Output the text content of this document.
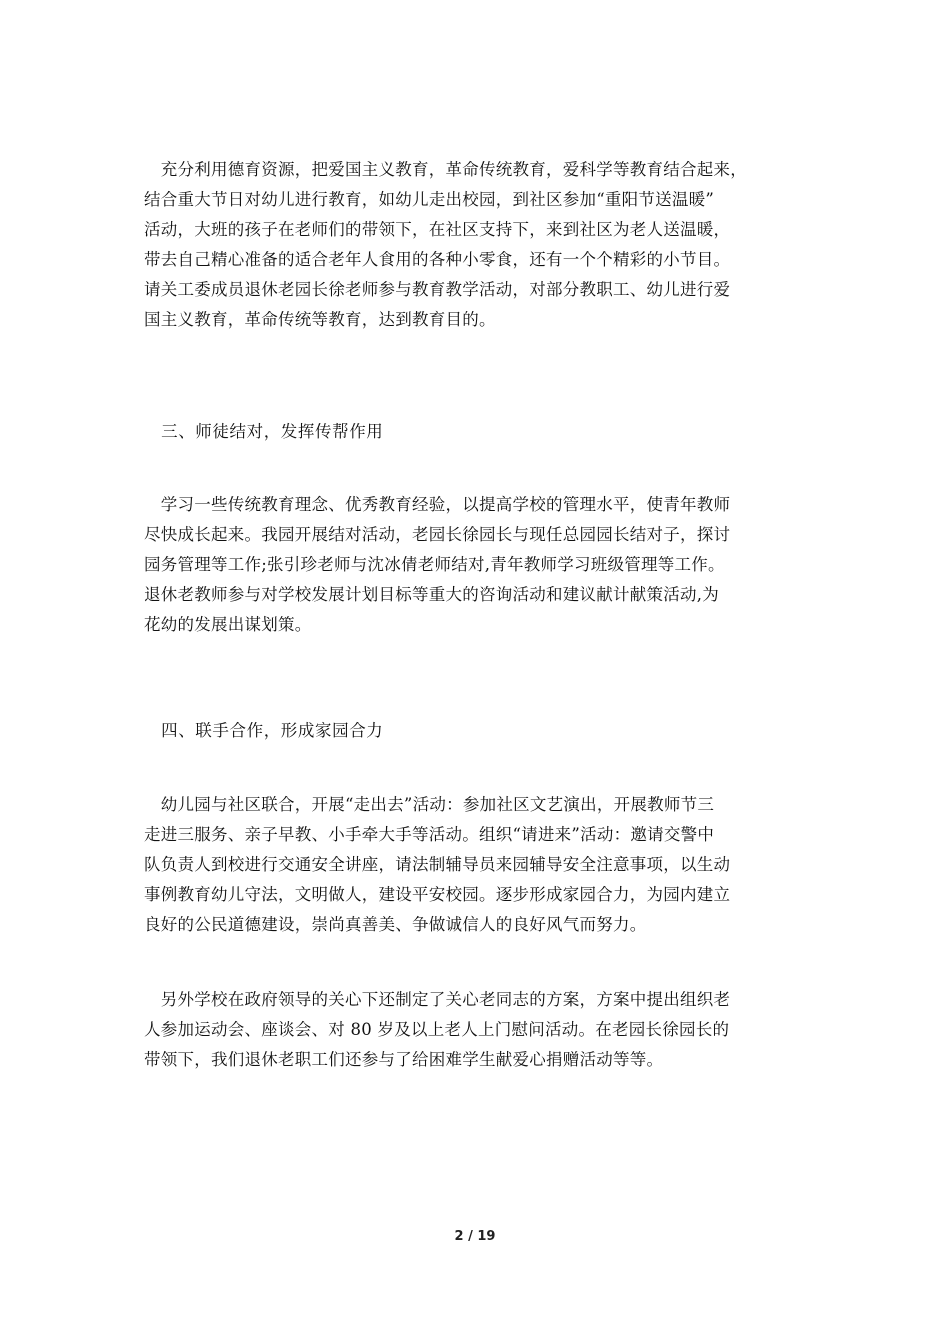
　充分利用德育资源，把爱国主义教育，革命传统教育，爱科学等教育结合起来，

结合重大节日对幼儿进行教育，如幼儿走出校园，到社区参加“重阳节送温暖”

活动，大班的孩子在老师们的带领下，在社区支持下，来到社区为老人送温暖，

带去自己精心准备的适合老年人食用的各种小零食，还有一个个精彩的小节目。

请关工委成员退休老园长徐老师参与教育教学活动，对部分教职工、幼儿进行爱

国主义教育，革命传统等教育，达到教育目的。

　三、师徒结对，发挥传帮作用

　学习一些传统教育理念、优秀教育经验，以提高学校的管理水平，使青年教师

尽快成长起来。我园开展结对活动，老园长徐园长与现任总园园长结对子，探讨

园务管理等工作;张引珍老师与沈冰倩老师结对,青年教师学习班级管理等工作。

退休老教师参与对学校发展计划目标等重大的咨询活动和建议献计献策活动,为

花幼的发展出谋划策。

　四、联手合作，形成家园合力

　幼儿园与社区联合，开展“走出去”活动：参加社区文艺演出，开展教师节三

走进三服务、亲子早教、小手牵大手等活动。组织“请进来”活动：邀请交警中

队负责人到校进行交通安全讲座，请法制辅导员来园辅导安全注意事项，以生动

事例教育幼儿守法，文明做人，建设平安校园。逐步形成家园合力，为园内建立

良好的公民道德建设，崇尚真善美、争做诚信人的良好风气而努力。

　另外学校在政府领导的关心下还制定了关心老同志的方案，方案中提出组织老

人参加运动会、座谈会、对 80 岁及以上老人上门慰问活动。在老园长徐园长的

带领下，我们退休老职工们还参与了给困难学生献爱心捐赠活动等等。

2 / 19
